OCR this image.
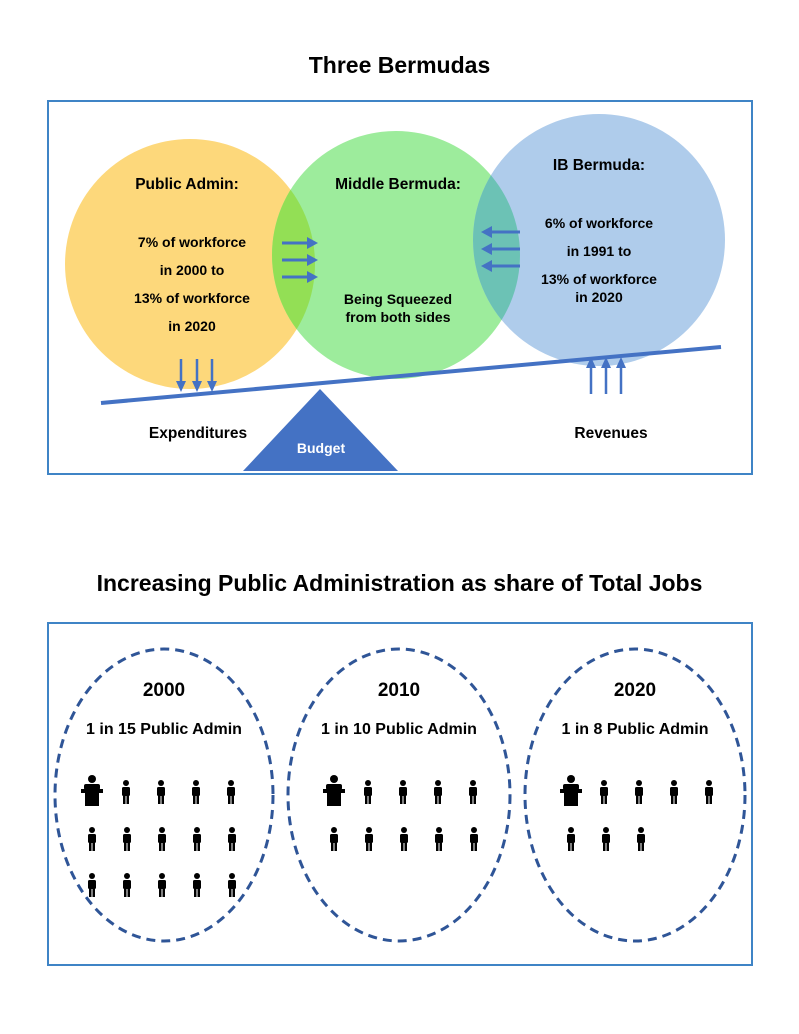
Three Bermudas
Public Admin:
7% of workforce
in 2000 to
13% of workforce
in 2020
Middle Bermuda:
Being Squeezed
from both sides
IB Bermuda:
6% of workforce
in 1991 to
13% of workforce
in 2020
Expenditures	Revenues
Budget
Increasing Public Administration as share of Total Jobs
2000
1 in 15 Public Admin
2010
1 in 10 Public Admin
2020
1 in 8 Public Admin
